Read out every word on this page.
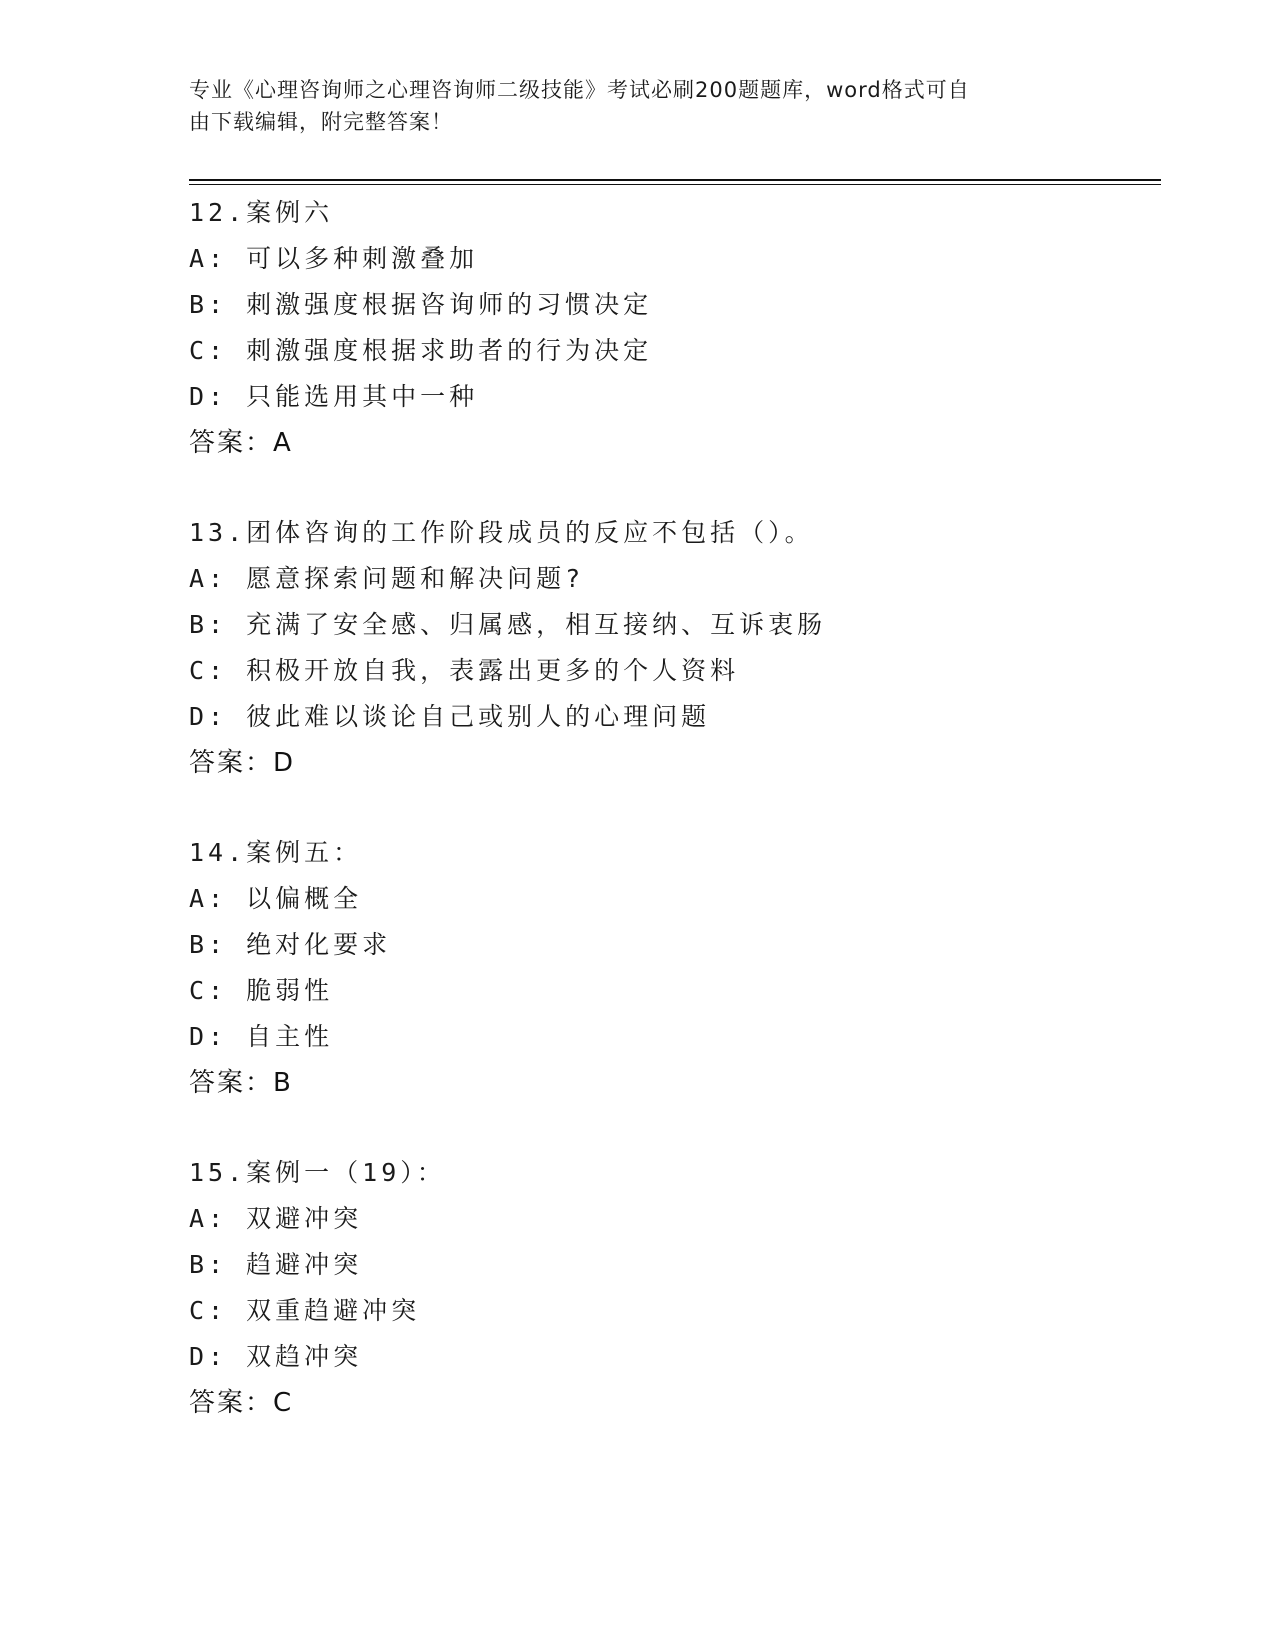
专业《心理咨询师之心理咨询师二级技能》考试必刷200题题库，word格式可自
由下载编辑，附完整答案！
12.案例六
A: 可以多种刺激叠加
B: 刺激强度根据咨询师的习惯决定
C: 刺激强度根据求助者的行为决定
D: 只能选用其中一种
答案：A
13.团体咨询的工作阶段成员的反应不包括（）。
A: 愿意探索问题和解决问题?
B: 充满了安全感、归属感，相互接纳、互诉衷肠
C: 积极开放自我，表露出更多的个人资料
D: 彼此难以谈论自己或别人的心理问题
答案：D
14.案例五：
A: 以偏概全
B: 绝对化要求
C: 脆弱性
D: 自主性
答案：B
15.案例一（19）：
A: 双避冲突
B: 趋避冲突
C: 双重趋避冲突
D: 双趋冲突
答案：C
